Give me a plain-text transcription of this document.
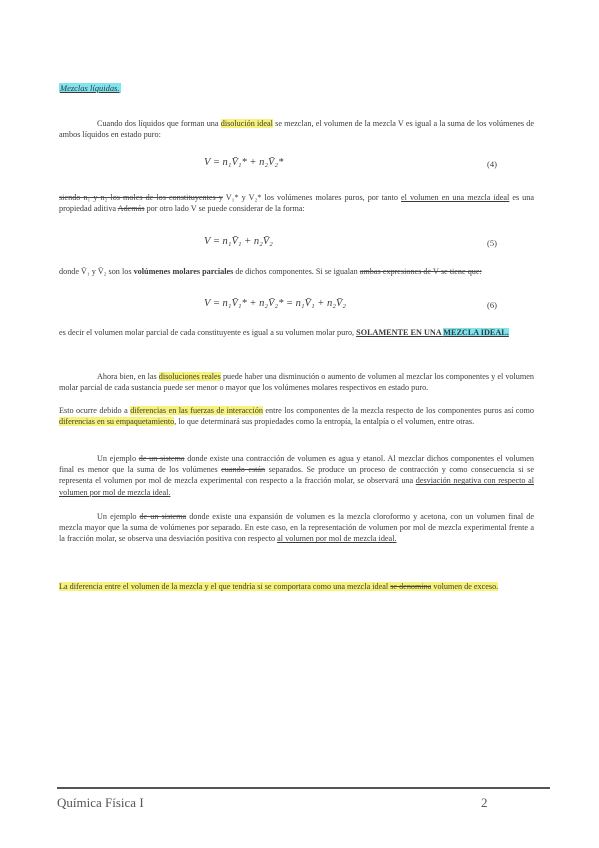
Mezclas líquidas.
Cuando dos líquidos que forman una disolución ideal se mezclan, el volumen de la mezcla V es igual a la suma de los volúmenes de ambos líquidos en estado puro:
V = n₁V̄₁* + n₂V̄₂*	(4)
siendo n₁ y n₂ los moles de los constituyentes y V₁* y V₂* los volúmenes molares puros, por tanto el volumen en una mezcla ideal es una propiedad aditiva Además por otro lado V se puede considerar de la forma:
V = n₁V̄₁ + n₂V̄₂	(5)
donde V̄₁ y V̄₂ son los volúmenes molares parciales de dichos componentes. Si se igualan ambas expresiones de V se tiene que:
V = n₁V̄₁* + n₂V̄₂* = n₁V̄₁ + n₂V̄₂	(6)
es decir el volumen molar parcial de cada constituyente es igual a su volumen molar puro, SOLAMENTE EN UNA MEZCLA IDEAL.
Ahora bien, en las disoluciones reales puede haber una disminución o aumento de volumen al mezclar los componentes y el volumen molar parcial de cada sustancia puede ser menor o mayor que los volúmenes molares respectivos en estado puro.
Esto ocurre debido a diferencias en las fuerzas de interacción entre los componentes de la mezcla respecto de los componentes puros así como diferencias en su empaquetamiento, lo que determinará sus propiedades como la entropía, la entalpía o el volumen, entre otras.
Un ejemplo de un sistema donde existe una contracción de volumen es agua y etanol. Al mezclar dichos componentes el volumen final es menor que la suma de los volúmenes cuando están separados. Se produce un proceso de contracción y como consecuencia si se representa el volumen por mol de mezcla experimental con respecto a la fracción molar, se observará una desviación negativa con respecto al volumen por mol de mezcla ideal.
Un ejemplo de un sistema donde existe una expansión de volumen es la mezcla cloroformo y acetona, con un volumen final de mezcla mayor que la suma de volúmenes por separado. En este caso, en la representación de volumen por mol de mezcla experimental frente a la fracción molar, se observa una desviación positiva con respecto al volumen por mol de mezcla ideal.
La diferencia entre el volumen de la mezcla y el que tendría si se comportara como una mezcla ideal se denomina volumen de exceso.
Química Física I	2
